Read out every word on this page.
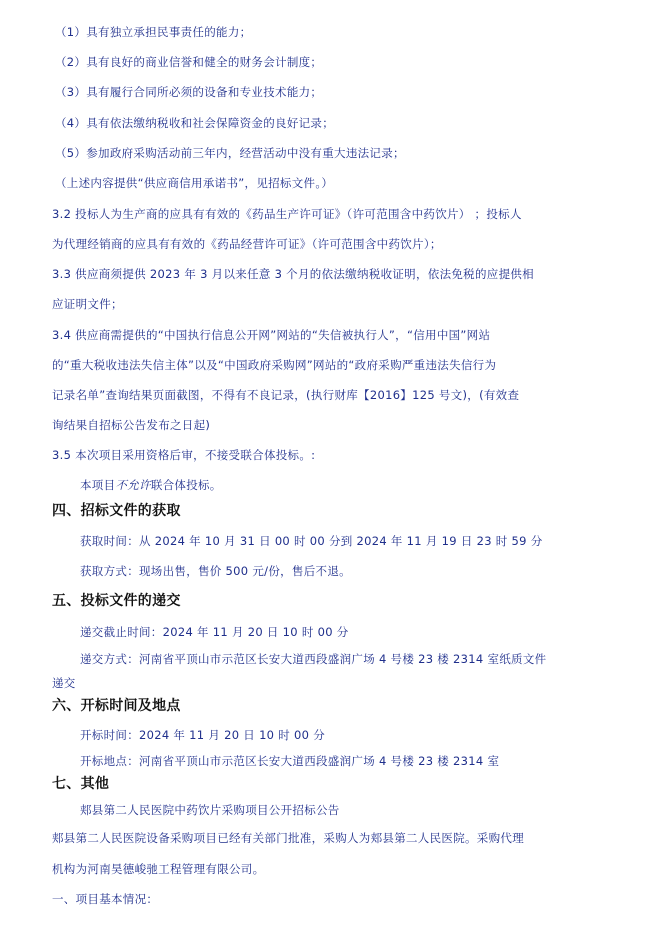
（1）具有独立承担民事责任的能力；
（2）具有良好的商业信誉和健全的财务会计制度；
（3）具有履行合同所必须的设备和专业技术能力；
（4）具有依法缴纳税收和社会保障资金的良好记录；
（5）参加政府采购活动前三年内，经营活动中没有重大违法记录；
（上述内容提供“供应商信用承诺书”，见招标文件。）
3.2 投标人为生产商的应具有有效的《药品生产许可证》（许可范围含中药饮片） ；投标人
为代理经销商的应具有有效的《药品经营许可证》（许可范围含中药饮片）；
3.3 供应商须提供 2023 年 3 月以来任意 3 个月的依法缴纳税收证明，依法免税的应提供相
应证明文件；
3.4 供应商需提供的“中国执行信息公开网”网站的“失信被执行人”，“信用中国”网站
的“重大税收违法失信主体”以及“中国政府采购网”网站的“政府采购严重违法失信行为
记录名单”查询结果页面截图，不得有不良记录，(执行财库【2016】125 号文)，(有效查
询结果自招标公告发布之日起)
3.5 本次项目采用资格后审，不接受联合体投标。:
本项目不允许联合体投标。
四、招标文件的获取
获取时间：从 2024 年 10 月 31 日 00 时 00 分到 2024 年 11 月 19 日 23 时 59 分
获取方式：现场出售，售价 500 元/份，售后不退。
五、投标文件的递交
递交截止时间：2024 年 11 月 20 日 10 时 00 分
递交方式：河南省平顶山市示范区长安大道西段盛润广场 4 号楼 23 楼 2314 室纸质文件
递交
六、开标时间及地点
开标时间：2024 年 11 月 20 日 10 时 00 分
开标地点：河南省平顶山市示范区长安大道西段盛润广场 4 号楼 23 楼 2314 室
七、其他
郏县第二人民医院中药饮片采购项目公开招标公告
郏县第二人民医院设备采购项目已经有关部门批准，采购人为郏县第二人民医院。采购代理
机构为河南昊德峻驰工程管理有限公司。
一、项目基本情况：
